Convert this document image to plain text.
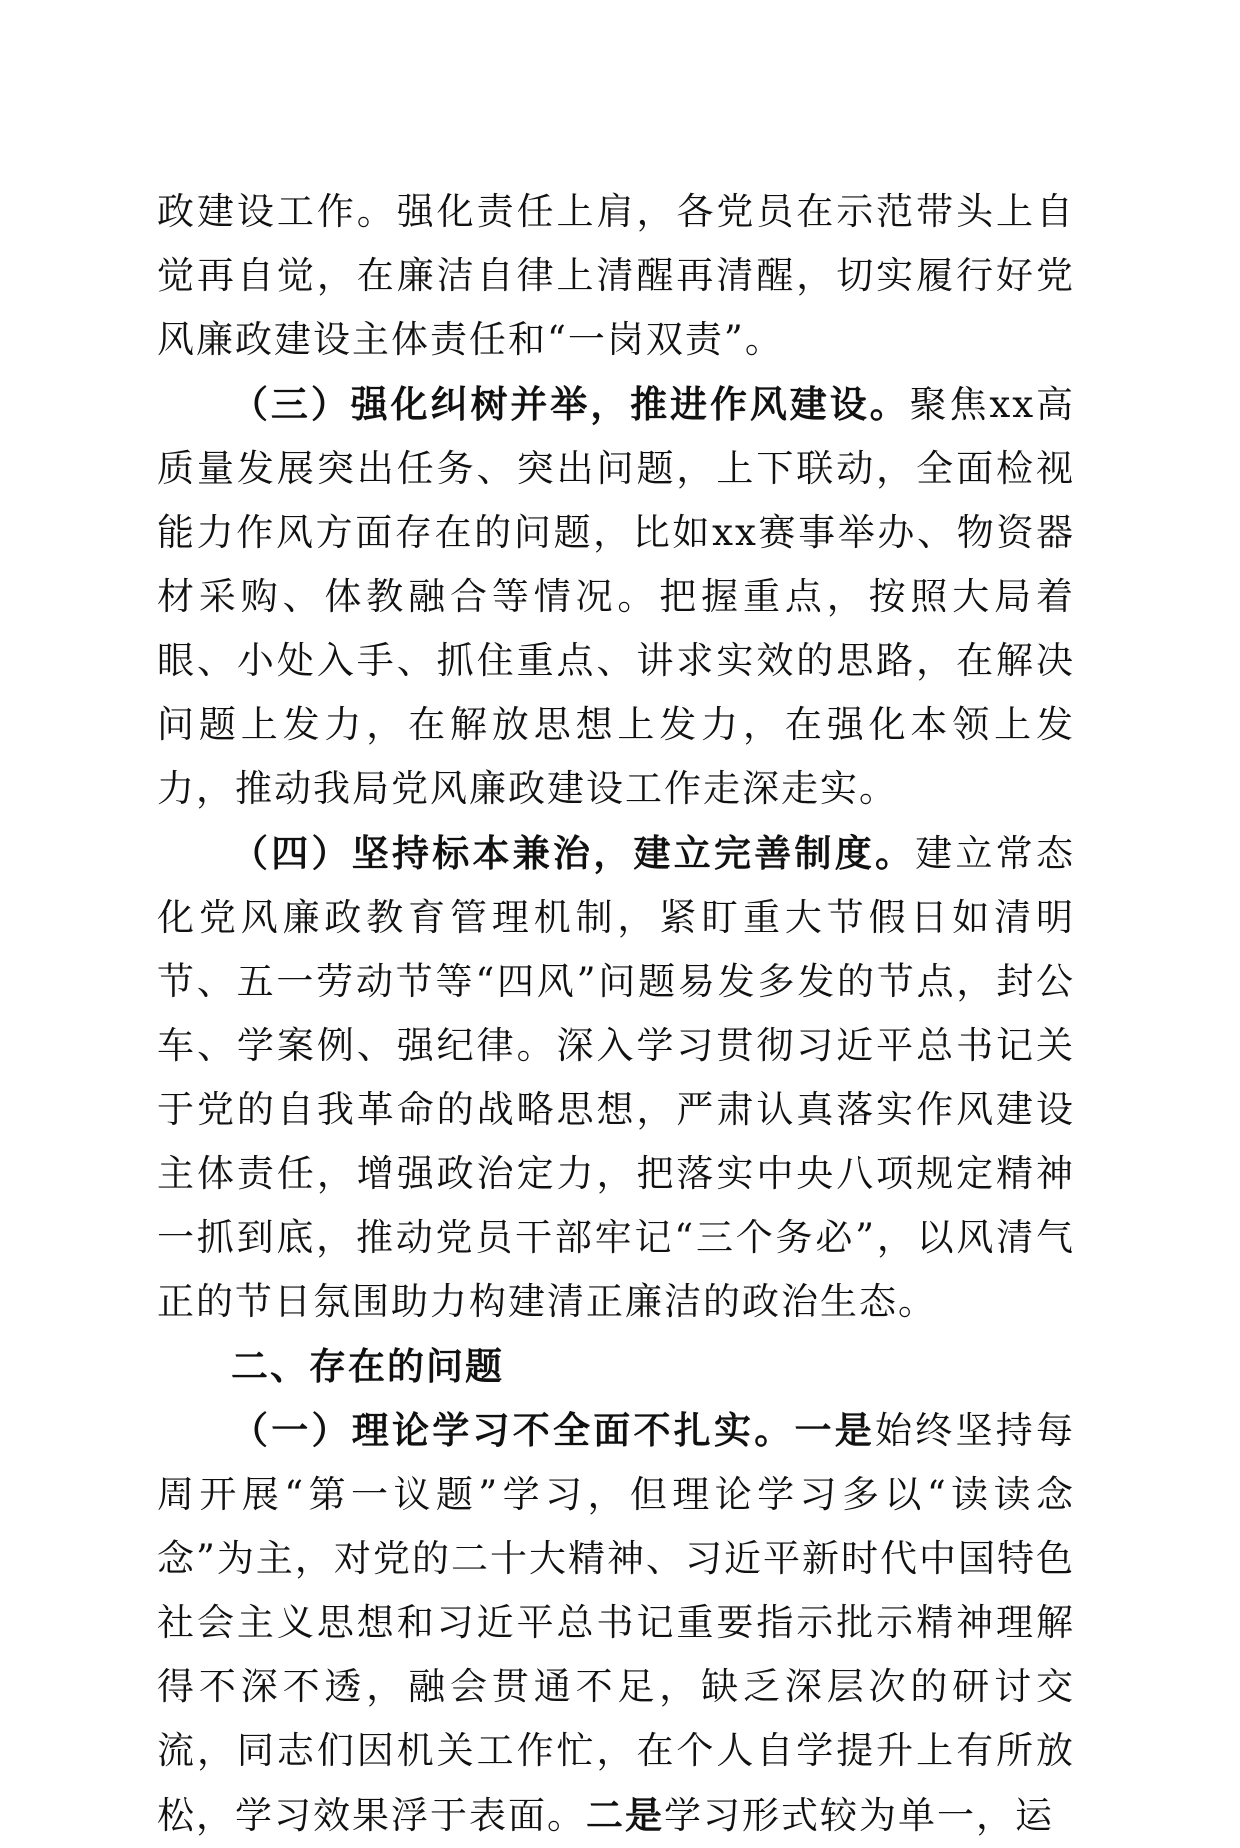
政建设工作。强化责任上肩，各党员在示范带头上自觉再自觉，在廉洁自律上清醒再清醒，切实履行好党风廉政建设主体责任和“一岗双责”。

（三）强化纠树并举，推进作风建设。聚焦xx高质量发展突出任务、突出问题，上下联动，全面检视能力作风方面存在的问题，比如xx赛事举办、物资器材采购、体教融合等情况。把握重点，按照大局着眼、小处入手、抓住重点、讲求实效的思路，在解决问题上发力，在解放思想上发力，在强化本领上发力，推动我局党风廉政建设工作走深走实。

（四）坚持标本兼治，建立完善制度。建立常态化党风廉政教育管理机制，紧盯重大节假日如清明节、五一劳动节等“四风”问题易发多发的节点，封公车、学案例、强纪律。深入学习贯彻习近平总书记关于党的自我革命的战略思想，严肃认真落实作风建设主体责任，增强政治定力，把落实中央八项规定精神一抓到底，推动党员干部牢记“三个务必”，以风清气正的节日氛围助力构建清正廉洁的政治生态。

二、存在的问题

（一）理论学习不全面不扎实。一是始终坚持每周开展“第一议题”学习，但理论学习多以“读读念念”为主，对党的二十大精神、习近平新时代中国特色社会主义思想和习近平总书记重要指示批示精神理解得不深不透，融会贯通不足，缺乏深层次的研讨交流，同志们因机关工作忙，在个人自学提升上有所放松，学习效果浮于表面。二是学习形式较为单一，运
